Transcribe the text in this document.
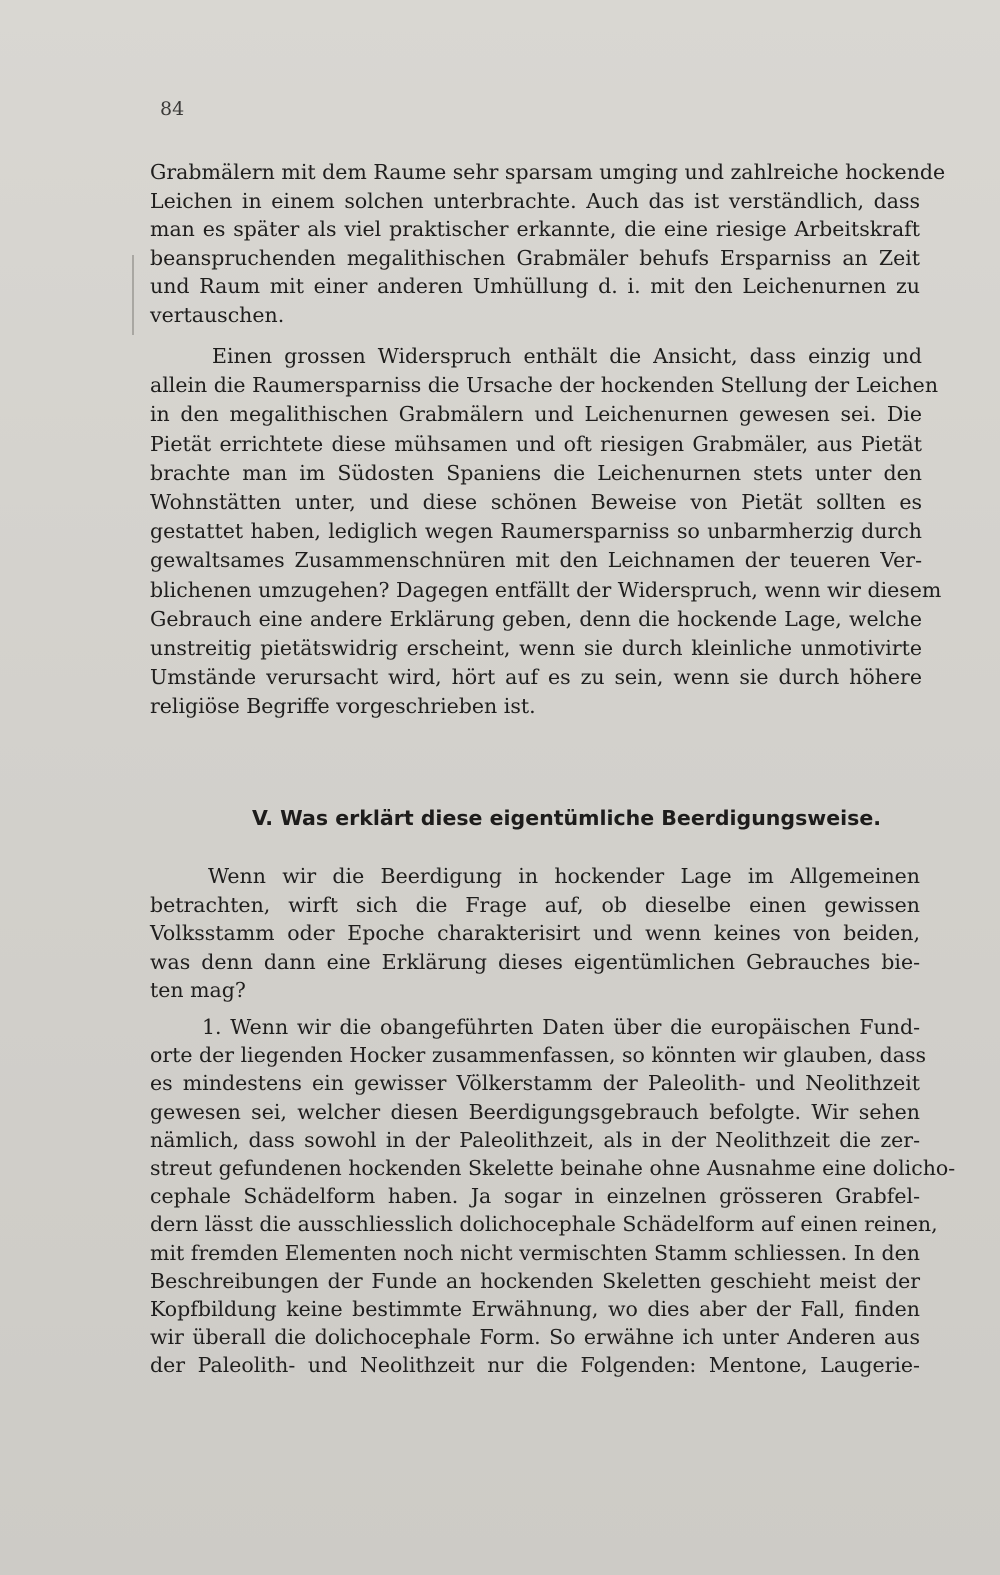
84
Grabmälern mit dem Raume sehr sparsam umging und zahlreiche hockende
Leichen in einem solchen unterbrachte. Auch das ist verständlich, dass
man es später als viel praktischer erkannte, die eine riesige Arbeitskraft
beanspruchenden megalithischen Grabmäler behufs Ersparniss an Zeit
und Raum mit einer anderen Umhüllung d. i. mit den Leichenurnen zu
vertauschen.
Einen grossen Widerspruch enthält die Ansicht, dass einzig und
allein die Raumersparniss die Ursache der hockenden Stellung der Leichen
in den megalithischen Grabmälern und Leichenurnen gewesen sei. Die
Pietät errichtete diese mühsamen und oft riesigen Grabmäler, aus Pietät
brachte man im Südosten Spaniens die Leichenurnen stets unter den
Wohnstätten unter, und diese schönen Beweise von Pietät sollten es
gestattet haben, lediglich wegen Raumersparniss so unbarmherzig durch
gewaltsames Zusammenschnüren mit den Leichnamen der teueren Ver-
blichenen umzugehen? Dagegen entfällt der Widerspruch, wenn wir diesem
Gebrauch eine andere Erklärung geben, denn die hockende Lage, welche
unstreitig pietätswidrig erscheint, wenn sie durch kleinliche unmotivirte
Umstände verursacht wird, hört auf es zu sein, wenn sie durch höhere
religiöse Begriffe vorgeschrieben ist.
V. Was erklärt diese eigentümliche Beerdigungsweise.
Wenn wir die Beerdigung in hockender Lage im Allgemeinen
betrachten, wirft sich die Frage auf, ob dieselbe einen gewissen
Volksstamm oder Epoche charakterisirt und wenn keines von beiden,
was denn dann eine Erklärung dieses eigentümlichen Gebrauches bie-
ten mag?
1. Wenn wir die obangeführten Daten über die europäischen Fund-
orte der liegenden Hocker zusammenfassen, so könnten wir glauben, dass
es mindestens ein gewisser Völkerstamm der Paleolith- und Neolithzeit
gewesen sei, welcher diesen Beerdigungsgebrauch befolgte. Wir sehen
nämlich, dass sowohl in der Paleolithzeit, als in der Neolithzeit die zer-
streut gefundenen hockenden Skelette beinahe ohne Ausnahme eine dolicho-
cephale Schädelform haben. Ja sogar in einzelnen grösseren Grabfel-
dern lässt die ausschliesslich dolichocephale Schädelform auf einen reinen,
mit fremden Elementen noch nicht vermischten Stamm schliessen. In den
Beschreibungen der Funde an hockenden Skeletten geschieht meist der
Kopfbildung keine bestimmte Erwähnung, wo dies aber der Fall, finden
wir überall die dolichocephale Form. So erwähne ich unter Anderen aus
der Paleolith- und Neolithzeit nur die Folgenden: Mentone, Laugerie-
